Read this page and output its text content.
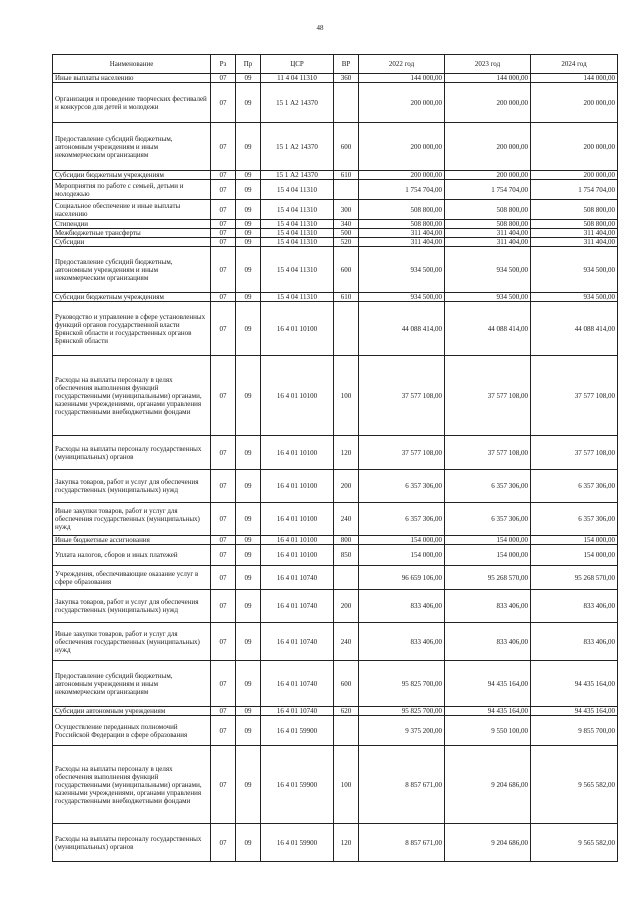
48
Наименование	Рз	Пр	ЦСР	ВР	2022 год	2023 год	2024 год
Иные выплаты населению	07	09	11 4 04 11310	360	144 000,00	144 000,00	144 000,00
Организация и проведение творческих фестивалей и конкурсов для детей и молодежи	07	09	15 1 А2 14370		200 000,00	200 000,00	200 000,00
Предоставление субсидий бюджетным, автономным учреждениям и иным некоммерческим организациям	07	09	15 1 А2 14370	600	200 000,00	200 000,00	200 000,00
Субсидии бюджетным учреждениям	07	09	15 1 А2 14370	610	200 000,00	200 000,00	200 000,00
Мероприятия по работе с семьей, детьми и молодежью	07	09	15 4 04 11310		1 754 704,00	1 754 704,00	1 754 704,00
Социальное обеспечение и иные выплаты населению	07	09	15 4 04 11310	300	508 800,00	508 800,00	508 800,00
Стипендии	07	09	15 4 04 11310	340	508 800,00	508 800,00	508 800,00
Межбюджетные трансферты	07	09	15 4 04 11310	500	311 404,00	311 404,00	311 404,00
Субсидии	07	09	15 4 04 11310	520	311 404,00	311 404,00	311 404,00
Предоставление субсидий бюджетным, автономным учреждениям и иным некоммерческим организациям	07	09	15 4 04 11310	600	934 500,00	934 500,00	934 500,00
Субсидии бюджетным учреждениям	07	09	15 4 04 11310	610	934 500,00	934 500,00	934 500,00
Руководство и управление в сфере установленных функций органов государственной власти Брянской области и государственных органов Брянской области	07	09	16 4 01 10100		44 088 414,00	44 088 414,00	44 088 414,00
Расходы на выплаты персоналу в целях обеспечения выполнения функций государственными (муниципальными) органами, казенными учреждениями, органами управления государственными внебюджетными фондами	07	09	16 4 01 10100	100	37 577 108,00	37 577 108,00	37 577 108,00
Расходы на выплаты персоналу государственных (муниципальных) органов	07	09	16 4 01 10100	120	37 577 108,00	37 577 108,00	37 577 108,00
Закупка товаров, работ и услуг для обеспечения государственных (муниципальных) нужд	07	09	16 4 01 10100	200	6 357 306,00	6 357 306,00	6 357 306,00
Иные закупки товаров, работ и услуг для обеспечения государственных (муниципальных) нужд	07	09	16 4 01 10100	240	6 357 306,00	6 357 306,00	6 357 306,00
Иные бюджетные ассигнования	07	09	16 4 01 10100	800	154 000,00	154 000,00	154 000,00
Уплата налогов, сборов и иных платежей	07	09	16 4 01 10100	850	154 000,00	154 000,00	154 000,00
Учреждения, обеспечивающие оказание услуг в сфере образования	07	09	16 4 01 10740		96 659 106,00	95 268 570,00	95 268 570,00
Закупка товаров, работ и услуг для обеспечения государственных (муниципальных) нужд	07	09	16 4 01 10740	200	833 406,00	833 406,00	833 406,00
Иные закупки товаров, работ и услуг для обеспечения государственных (муниципальных) нужд	07	09	16 4 01 10740	240	833 406,00	833 406,00	833 406,00
Предоставление субсидий бюджетным, автономным учреждениям и иным некоммерческим организациям	07	09	16 4 01 10740	600	95 825 700,00	94 435 164,00	94 435 164,00
Субсидии автономным учреждениям	07	09	16 4 01 10740	620	95 825 700,00	94 435 164,00	94 435 164,00
Осуществление переданных полномочий Российской Федерации в сфере образования	07	09	16 4 01 59900		9 375 200,00	9 550 100,00	9 855 700,00
Расходы на выплаты персоналу в целях обеспечения выполнения функций государственными (муниципальными) органами, казенными учреждениями, органами управления государственными внебюджетными фондами	07	09	16 4 01 59900	100	8 857 671,00	9 204 686,00	9 565 582,00
Расходы на выплаты персоналу государственных (муниципальных) органов	07	09	16 4 01 59900	120	8 857 671,00	9 204 686,00	9 565 582,00
